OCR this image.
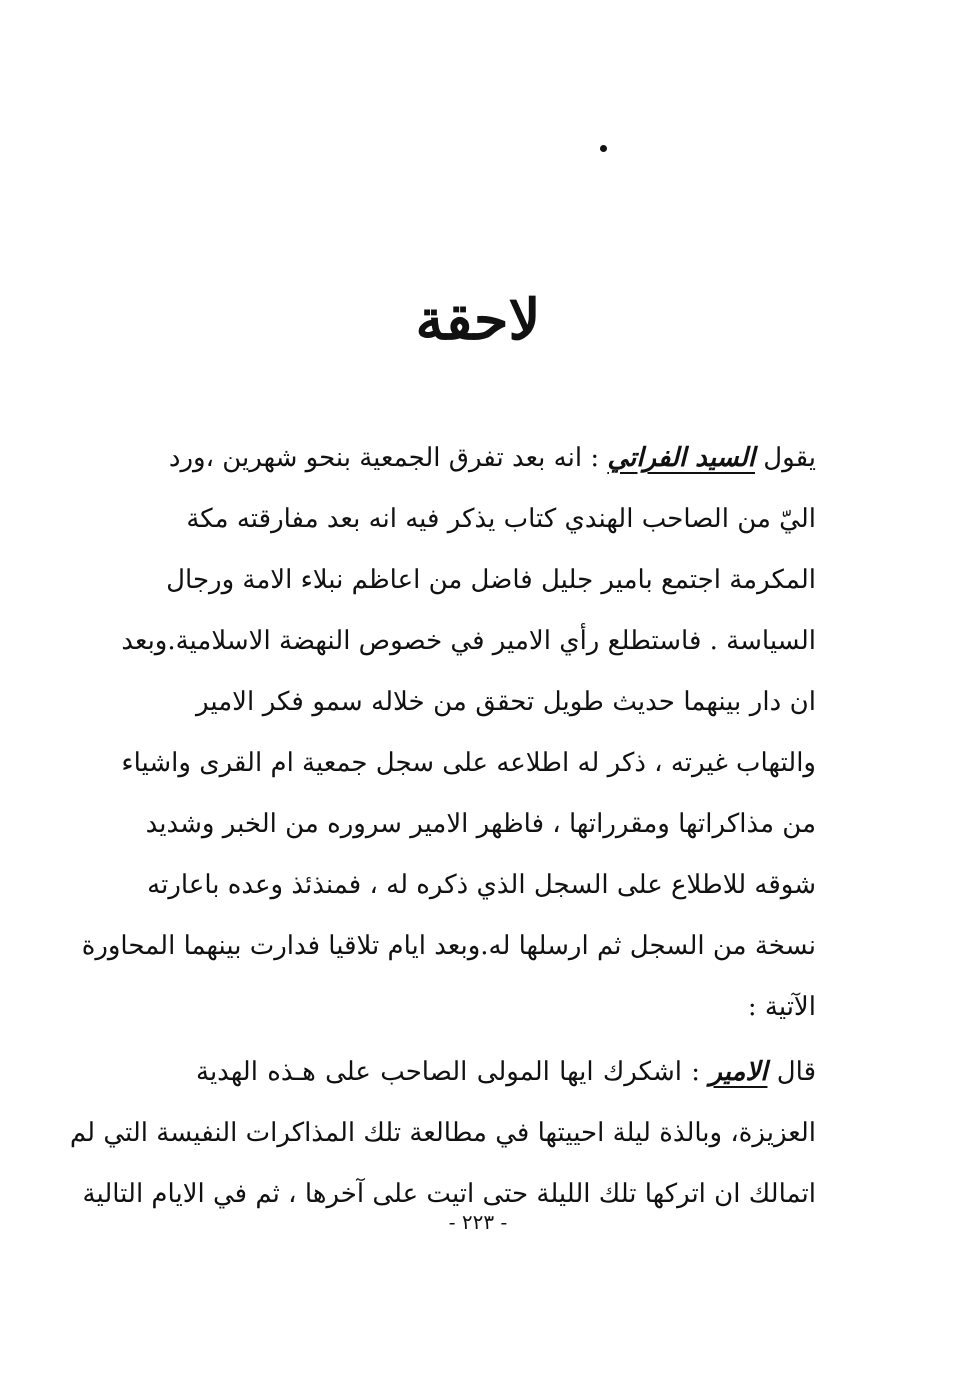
لاحقة
يقول السيد الفراتي : انه بعد تفرق الجمعية بنحو شهرين ،ورد
اليّ من الصاحب الهندي كتاب يذكر فيه انه بعد مفارقته مكة
المكرمة اجتمع بامير جليل فاضل من اعاظم نبلاء الامة ورجال
السياسة . فاستطلع رأي الامير في خصوص النهضة الاسلامية.وبعد
ان دار بينهما حديث طويل تحقق من خلاله سمو فكر الامير
والتهاب غيرته ، ذكر له اطلاعه على سجل جمعية ام القرى واشياء
من مذاكراتها ومقرراتها ، فاظهر الامير سروره من الخبر وشديد
شوقه للاطلاع على السجل الذي ذكره له ، فمنذئذ وعده باعارته
نسخة من السجل ثم ارسلها له.وبعد ايام تلاقيا فدارت بينهما المحاورة
الآتية :
قال الامير : اشكرك ايها المولى الصاحب على هـذه الهدية
العزيزة، وبالذة ليلة احييتها في مطالعة تلك المذاكرات النفيسة التي لم
اتمالك ان اتركها تلك الليلة حتى اتيت على آخرها ، ثم في الايام التالية
- ٢٢٣ -
